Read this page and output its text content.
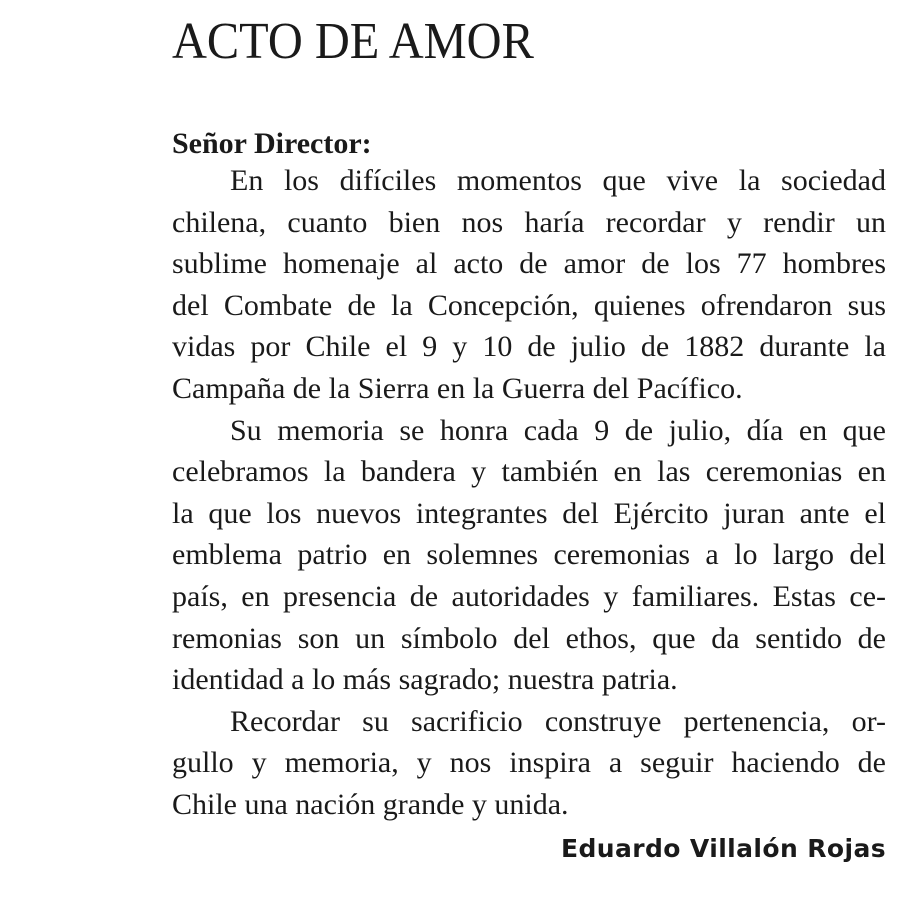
ACTO DE AMOR
Señor Director:

En los difíciles momentos que vive la sociedad
chilena, cuanto bien nos haría recordar y rendir un
sublime homenaje al acto de amor de los 77 hombres
del Combate de la Concepción, quienes ofrendaron sus
vidas por Chile el 9 y 10 de julio de 1882 durante la
Campaña de la Sierra en la Guerra del Pacífico.

Su memoria se honra cada 9 de julio, día en que
celebramos la bandera y también en las ceremonias en
la que los nuevos integrantes del Ejército juran ante el
emblema patrio en solemnes ceremonias a lo largo del
país, en presencia de autoridades y familiares. Estas ce-
remonias son un símbolo del ethos, que da sentido de
identidad a lo más sagrado; nuestra patria.

Recordar su sacrificio construye pertenencia, or-
gullo y memoria, y nos inspira a seguir haciendo de
Chile una nación grande y unida.

Eduardo Villalón Rojas
